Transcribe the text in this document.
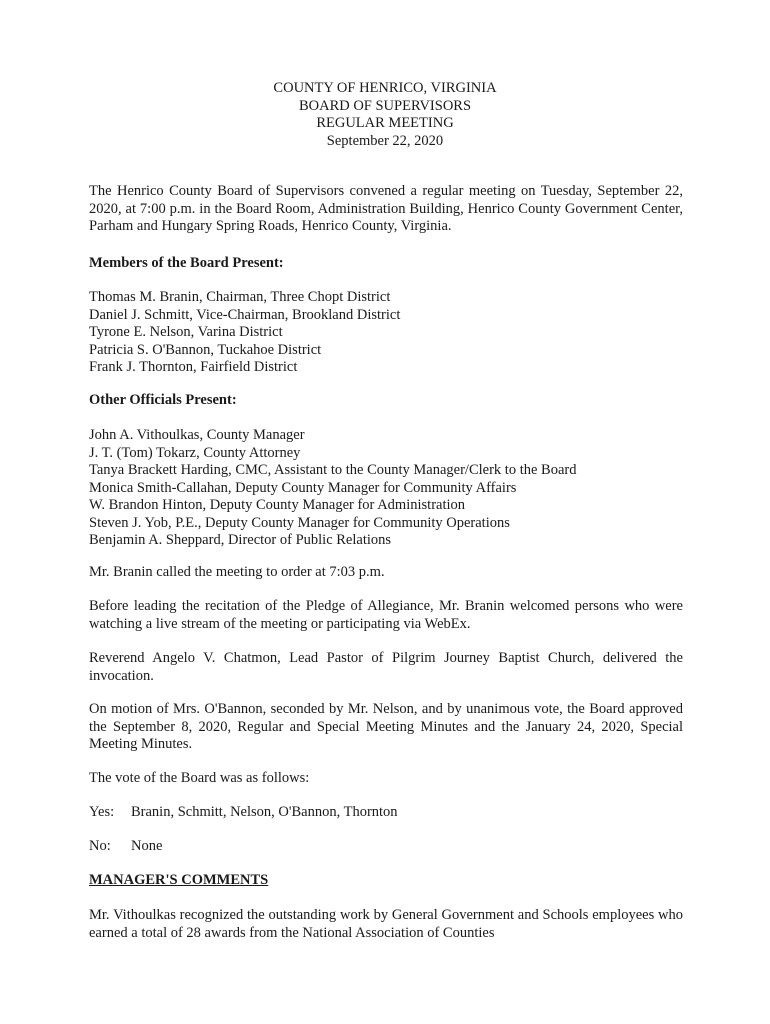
COUNTY OF HENRICO, VIRGINIA
BOARD OF SUPERVISORS
REGULAR MEETING
September 22, 2020
The Henrico County Board of Supervisors convened a regular meeting on Tuesday, September 22, 2020, at 7:00 p.m. in the Board Room, Administration Building, Henrico County Government Center, Parham and Hungary Spring Roads, Henrico County, Virginia.
Members of the Board Present:
Thomas M. Branin, Chairman, Three Chopt District
Daniel J. Schmitt, Vice-Chairman, Brookland District
Tyrone E. Nelson, Varina District
Patricia S. O'Bannon, Tuckahoe District
Frank J. Thornton, Fairfield District
Other Officials Present:
John A. Vithoulkas, County Manager
J. T. (Tom) Tokarz, County Attorney
Tanya Brackett Harding, CMC, Assistant to the County Manager/Clerk to the Board
Monica Smith-Callahan, Deputy County Manager for Community Affairs
W. Brandon Hinton, Deputy County Manager for Administration
Steven J. Yob, P.E., Deputy County Manager for Community Operations
Benjamin A. Sheppard, Director of Public Relations
Mr. Branin called the meeting to order at 7:03 p.m.
Before leading the recitation of the Pledge of Allegiance, Mr. Branin welcomed persons who were watching a live stream of the meeting or participating via WebEx.
Reverend Angelo V. Chatmon, Lead Pastor of Pilgrim Journey Baptist Church, delivered the invocation.
On motion of Mrs. O'Bannon, seconded by Mr. Nelson, and by unanimous vote, the Board approved the September 8, 2020, Regular and Special Meeting Minutes and the January 24, 2020, Special Meeting Minutes.
The vote of the Board was as follows:
Yes: Branin, Schmitt, Nelson, O'Bannon, Thornton
No: None
MANAGER'S COMMENTS
Mr. Vithoulkas recognized the outstanding work by General Government and Schools employees who earned a total of 28 awards from the National Association of Counties
